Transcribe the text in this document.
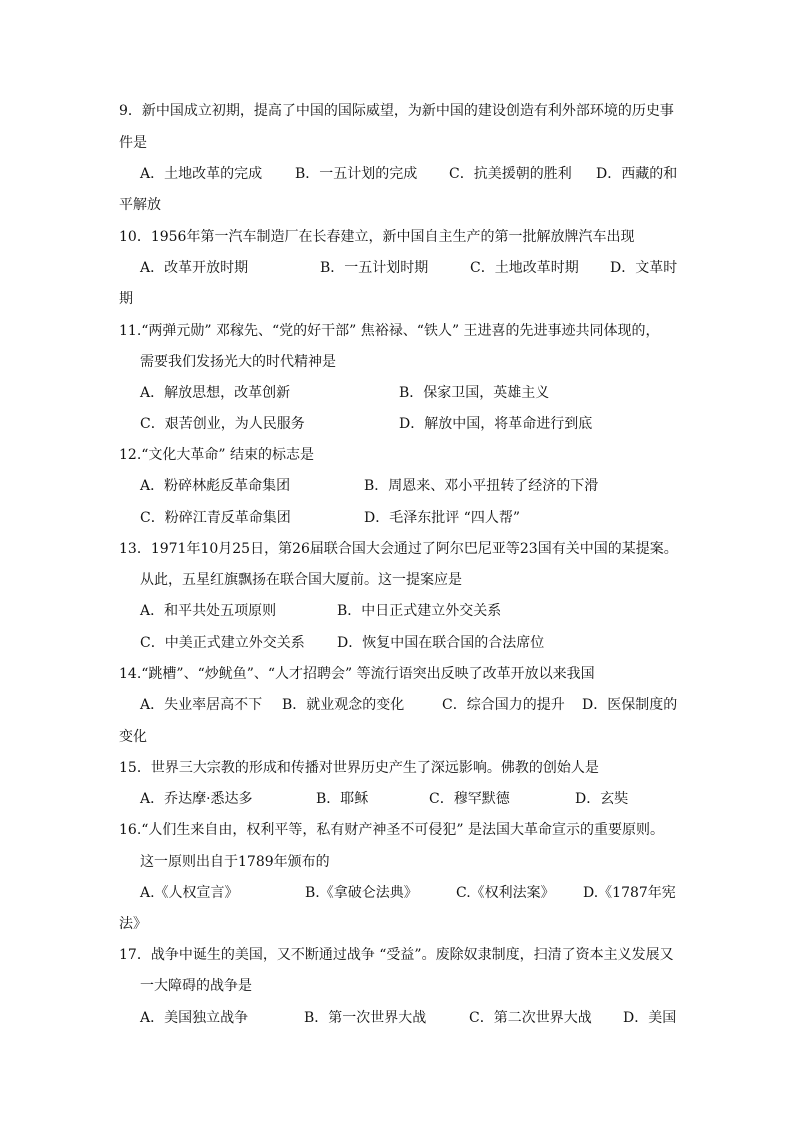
9．新中国成立初期，提高了中国的国际威望，为新中国的建设创造有利外部环境的历史事
件是
A．土地改革的完成 B．一五计划的完成 C．抗美援朝的胜利 D．西藏的和
平解放
10．1956年第一汽车制造厂在长春建立，新中国自主生产的第一批解放牌汽车出现
A．改革开放时期	B．一五计划时期	C．土地改革时期 D．文革时
期
11.“两弹元勋” 邓稼先、“党的好干部” 焦裕禄、“铁人” 王进喜的先进事迹共同体现的，
需要我们发扬光大的时代精神是
A．解放思想，改革创新	B．保家卫国，英雄主义
C．艰苦创业，为人民服务	D．解放中国，将革命进行到底
12.“文化大革命” 结束的标志是
A．粉碎林彪反革命集团	B．周恩来、邓小平扭转了经济的下滑
C．粉碎江青反革命集团	D．毛泽东批评 “四人帮”
13．1971年10月25日，第26届联合国大会通过了阿尔巴尼亚等23国有关中国的某提案。
从此，五星红旗飘扬在联合国大厦前。这一提案应是
A．和平共处五项原则	B．中日正式建立外交关系
C．中美正式建立外交关系 D．恢复中国在联合国的合法席位
14.“跳槽”、“炒鱿鱼”、“人才招聘会” 等流行语突出反映了改革开放以来我国
A．失业率居高不下 B．就业观念的变化	C．综合国力的提升 D．医保制度的
变化
15．世界三大宗教的形成和传播对世界历史产生了深远影响。佛教的创始人是
A．乔达摩·悉达多	B．耶稣	C．穆罕默德	D．玄奘
16.“人们生来自由，权利平等，私有财产神圣不可侵犯” 是法国大革命宣示的重要原则。
这一原则出自于1789年颁布的
A.《人权宣言》	B.《拿破仑法典》	C.《权利法案》 D.《1787年宪
法》
17．战争中诞生的美国，又不断通过战争 “受益”。废除奴隶制度，扫清了资本主义发展又
一大障碍的战争是
A．美国独立战争	B．第一次世界大战	C．第二次世界大战 D．美国
